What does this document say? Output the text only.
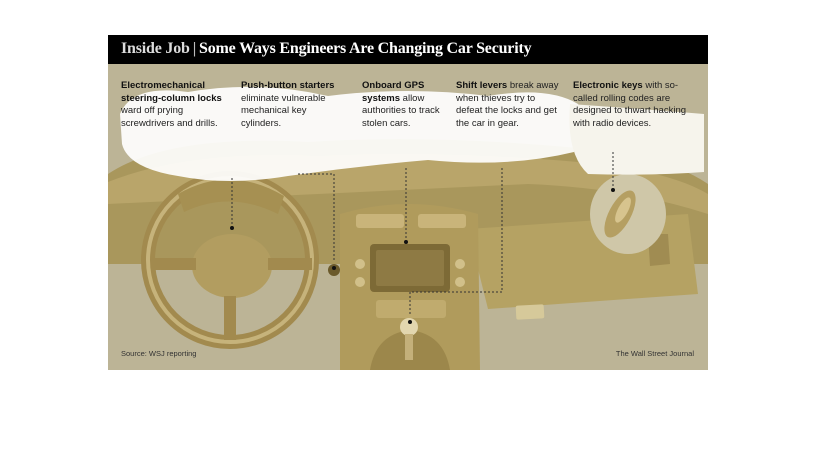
Inside Job | Some Ways Engineers Are Changing Car Security
Electromechanical steering-column locks ward off prying screwdrivers and drills.
Push-button starters eliminate vulnerable mechanical key cylinders.
Onboard GPS systems allow authorities to track stolen cars.
Shift levers break away when thieves try to defeat the locks and get the car in gear.
Electronic keys with so-called rolling codes are designed to thwart hacking with radio devices.
Source: WSJ reporting	The Wall Street Journal
